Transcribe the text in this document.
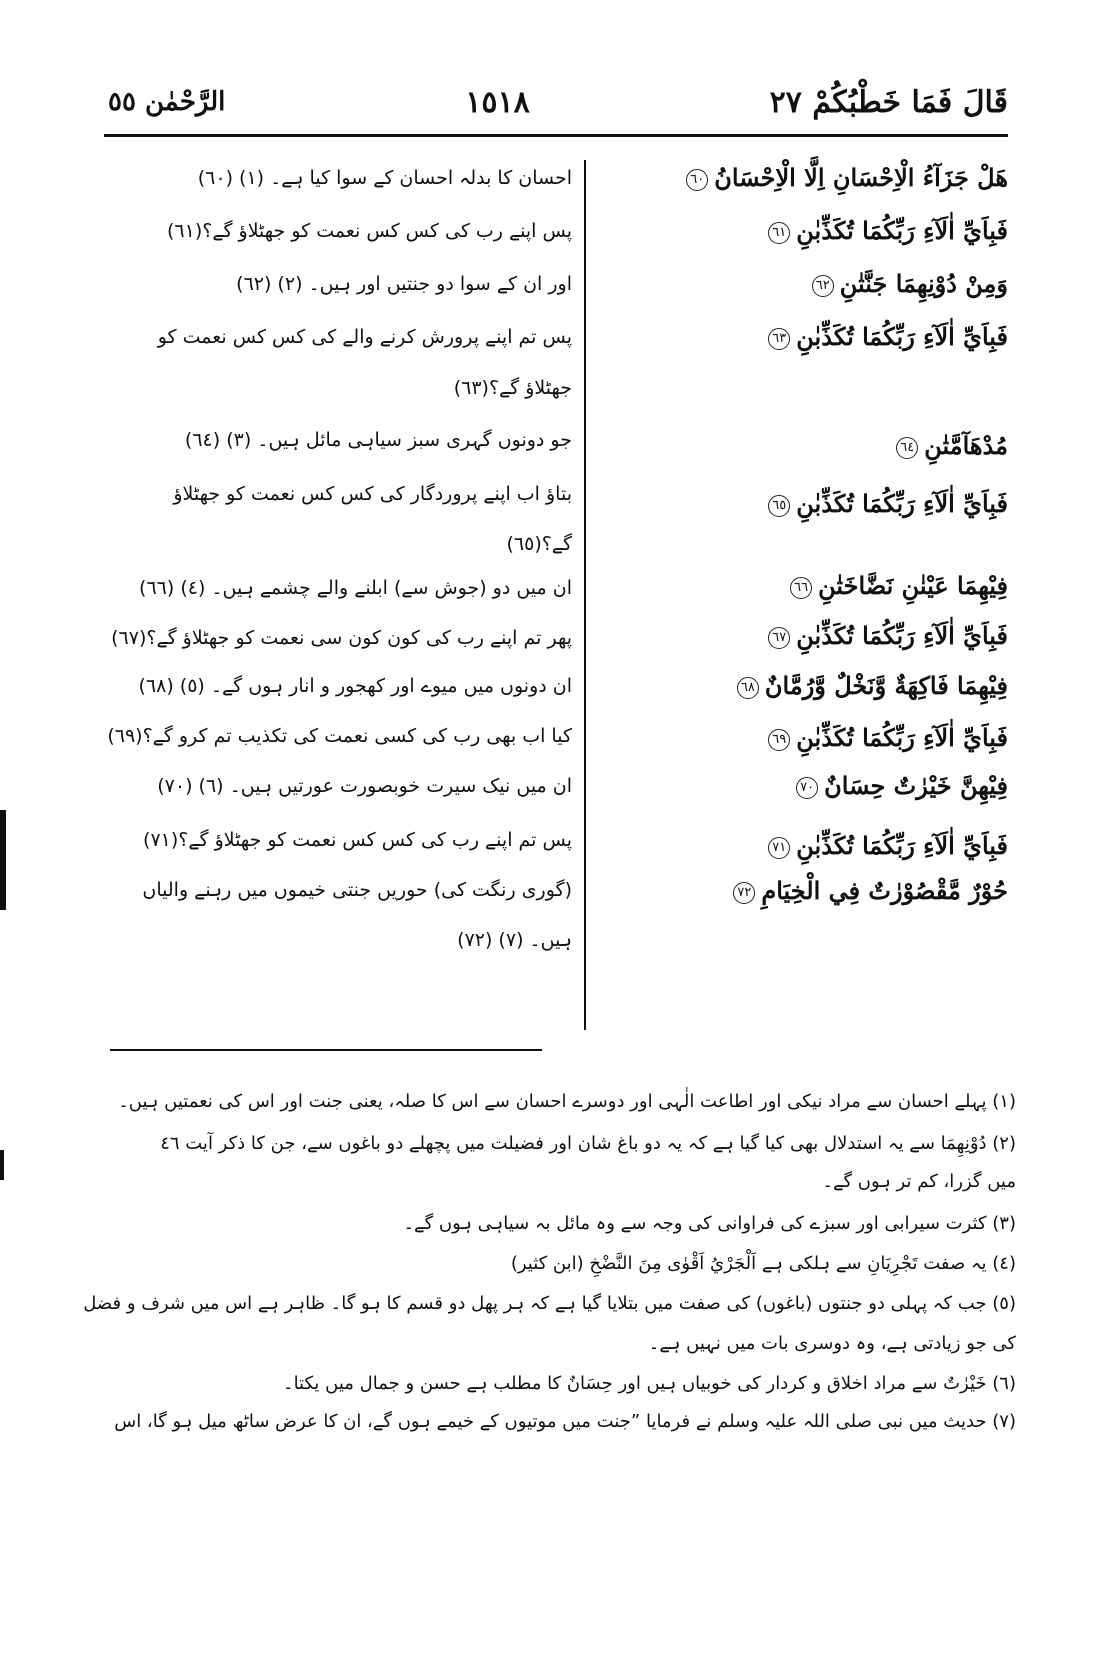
قَالَ فَمَا خَطْبُكُمْ ٢٧
١٥١٨
الرَّحْمٰن ٥٥
هَلْ جَزَآءُ الْاِحْسَانِ اِلَّا الْاِحْسَانُ٦٠
فَبِاَيِّ اٰلَآءِ رَبِّكُمَا تُكَذِّبٰنِ٦١
وَمِنْ دُوْنِهِمَا جَنَّتٰنِ٦٢
فَبِاَيِّ اٰلَآءِ رَبِّكُمَا تُكَذِّبٰنِ٦٣
مُدْهَآمَّتٰنِ٦٤
فَبِاَيِّ اٰلَآءِ رَبِّكُمَا تُكَذِّبٰنِ٦٥
فِيْهِمَا عَيْنٰنِ نَضَّاخَتٰنِ٦٦
فَبِاَيِّ اٰلَآءِ رَبِّكُمَا تُكَذِّبٰنِ٦٧
فِيْهِمَا فَاكِهَةٌ وَّنَخْلٌ وَّرُمَّانٌ٦٨
فَبِاَيِّ اٰلَآءِ رَبِّكُمَا تُكَذِّبٰنِ٦٩
فِيْهِنَّ خَيْرٰتٌ حِسَانٌ٧٠
فَبِاَيِّ اٰلَآءِ رَبِّكُمَا تُكَذِّبٰنِ٧١
حُوْرٌ مَّقْصُوْرٰتٌ فِي الْخِيَامِ٧٢
احسان کا بدلہ احسان کے سوا کیا ہے۔ (١) (٦٠)
پس اپنے رب کی کس کس نعمت کو جھٹلاؤ گے؟(٦١)
اور ان کے سوا دو جنتیں اور ہیں۔ (٢) (٦٢)
پس تم اپنے پرورش کرنے والے کی کس کس نعمت کو
جھٹلاؤ گے؟(٦٣)
جو دونوں گہری سبز سیاہی مائل ہیں۔ (٣) (٦٤)
بتاؤ اب اپنے پروردگار کی کس کس نعمت کو جھٹلاؤ
گے؟(٦٥)
ان میں دو (جوش سے) ابلنے والے چشمے ہیں۔ (٤) (٦٦)
پھر تم اپنے رب کی کون کون سی نعمت کو جھٹلاؤ گے؟(٦٧)
ان دونوں میں میوے اور کھجور و انار ہوں گے۔ (٥) (٦٨)
کیا اب بھی رب کی کسی نعمت کی تکذیب تم کرو گے؟(٦٩)
ان میں نیک سیرت خوبصورت عورتیں ہیں۔ (٦) (٧٠)
پس تم اپنے رب کی کس کس نعمت کو جھٹلاؤ گے؟(٧١)
(گوری رنگت کی) حوریں جنتی خیموں میں رہنے والیاں
ہیں۔ (٧) (٧٢)
(١) پہلے احسان سے مراد نیکی اور اطاعت الٰہی اور دوسرے احسان سے اس کا صلہ، یعنی جنت اور اس کی نعمتیں ہیں۔
(٢) دُوْنِهِمَا سے یہ استدلال بھی کیا گیا ہے کہ یہ دو باغ شان اور فضیلت میں پچھلے دو باغوں سے، جن کا ذکر آیت ٤٦
میں گزرا، کم تر ہوں گے۔
(٣) کثرت سیرابی اور سبزے کی فراوانی کی وجہ سے وہ مائل بہ سیاہی ہوں گے۔
(٤) یہ صفت تَجْرِيَانِ سے ہلکی ہے اَلْجَرْيُ اَقْوٰى مِنَ النَّضْخِ (ابن کثیر)
(٥) جب کہ پہلی دو جنتوں (باغوں) کی صفت میں بتلایا گیا ہے کہ ہر پھل دو قسم کا ہو گا۔ ظاہر ہے اس میں شرف و فضل
کی جو زیادتی ہے، وہ دوسری بات میں نہیں ہے۔
(٦) خَيْرٰتٌ سے مراد اخلاق و کردار کی خوبیاں ہیں اور حِسَانٌ کا مطلب ہے حسن و جمال میں یکتا۔
(٧) حدیث میں نبی صلی اللہ علیہ وسلم نے فرمایا ”جنت میں موتیوں کے خیمے ہوں گے، ان کا عرض ساٹھ میل ہو گا، اس
